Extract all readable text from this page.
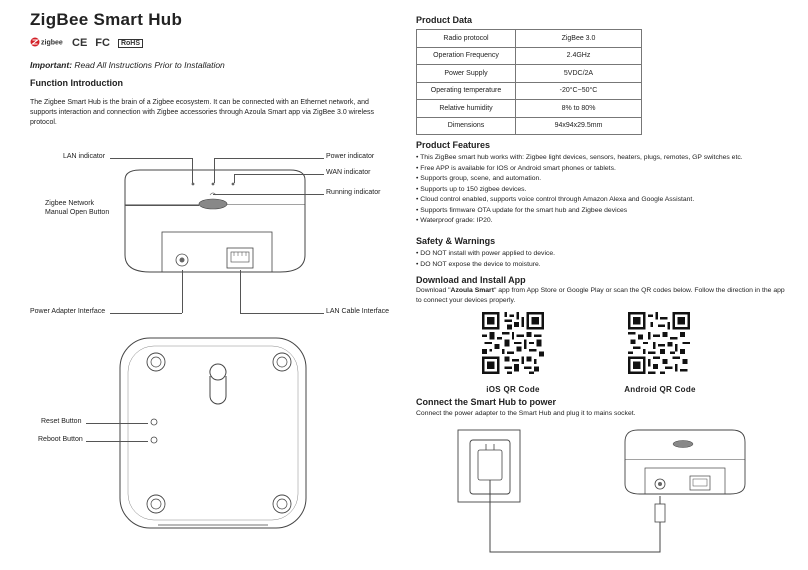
ZigBee Smart Hub
zigbee CE FC	RoHS
Important: Read All Instructions Prior to Installation
Function Introduction
The Zigbee Smart Hub is the brain of a Zigbee ecosystem. It can be connected with an Ethernet network, and supports interaction and connection with Zigbee accessories through Azoula Smart app via ZigBee 3.0 wireless protocol.
LAN indicator	Power indicator
WAN indicator
Running indicator
Zigbee Network
Manual Open Button
Power Adapter Interface	LAN Cable Interface
Reset Button
Reboot Button
Product Data
Radio protocol	ZigBee 3.0
Operation Frequency	2.4GHz
Power Supply	5VDC/2A
Operating temperature	-20°C~50°C
Relative humidity	8% to 80%
Dimensions	94x94x29.5mm
Product Features
• This ZigBee smart hub works with: Zigbee light devices, sensors, heaters, plugs, remotes, GP switches etc.
• Free APP is available for IOS or Android smart phones or tablets.
• Supports group, scene, and automation.
• Supports up to 150 zigbee devices.
• Cloud control enabled, supports voice control through Amazon Alexa and Google Assistant.
• Supports firmware OTA update for the smart hub and Zigbee devices
• Waterproof grade: IP20.
Safety & Warnings
• DO NOT install with power applied to device.
• DO NOT expose the device to moisture.
Download and Install App
Download "Azoula Smart" app from App Store or Google Play or scan the QR codes below. Follow the direction in the app to connect your devices properly.
iOS QR Code	Android QR Code
Connect the Smart Hub to power
Connect the power adapter to the Smart Hub and plug it to mains socket.
